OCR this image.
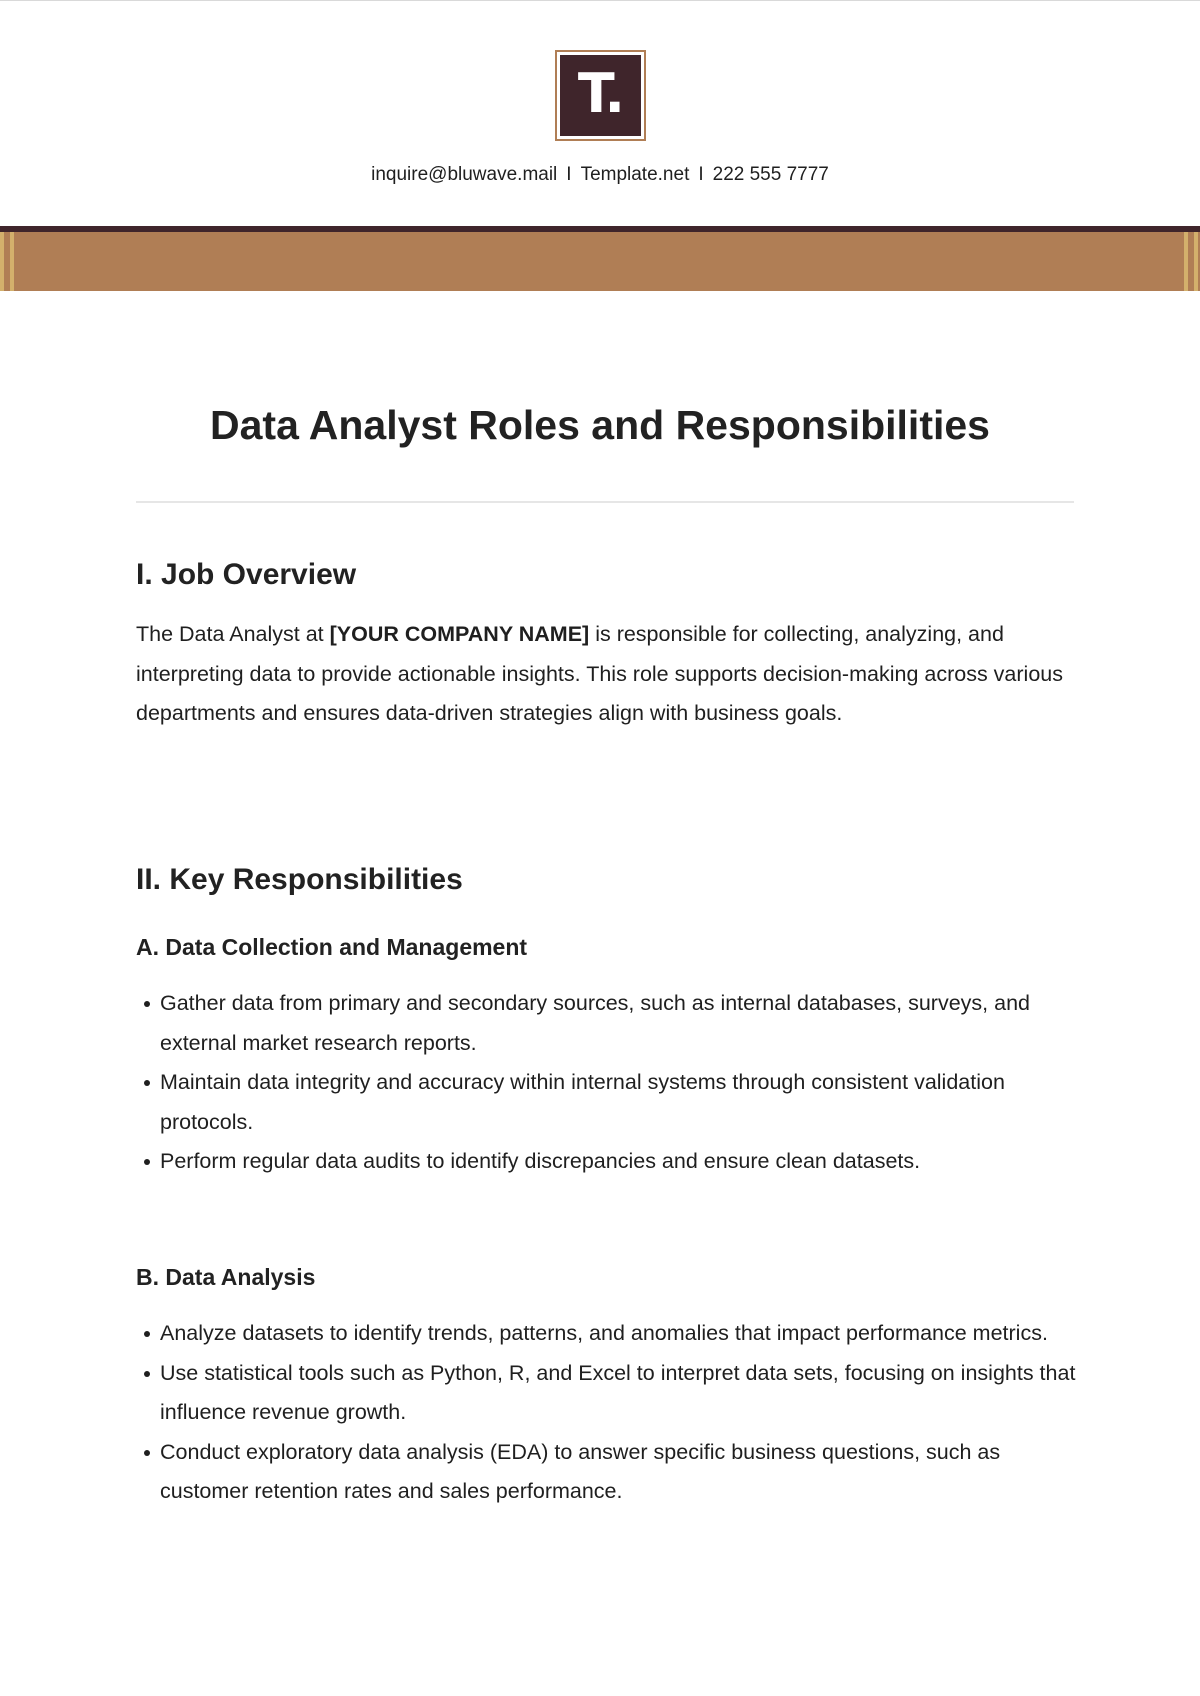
T.
inquire@bluwave.mail I Template.net I 222 555 7777
Data Analyst Roles and Responsibilities
I. Job Overview

The Data Analyst at [YOUR COMPANY NAME] is responsible for collecting, analyzing, and interpreting data to provide actionable insights. This role supports decision-making across various departments and ensures data-driven strategies align with business goals.

II. Key Responsibilities
A. Data Collection and Management
Gather data from primary and secondary sources, such as internal databases, surveys, and external market research reports.
Maintain data integrity and accuracy within internal systems through consistent validation protocols.
Perform regular data audits to identify discrepancies and ensure clean datasets.
B. Data Analysis
Analyze datasets to identify trends, patterns, and anomalies that impact performance metrics.
Use statistical tools such as Python, R, and Excel to interpret data sets, focusing on insights that influence revenue growth.
Conduct exploratory data analysis (EDA) to answer specific business questions, such as customer retention rates and sales performance.
